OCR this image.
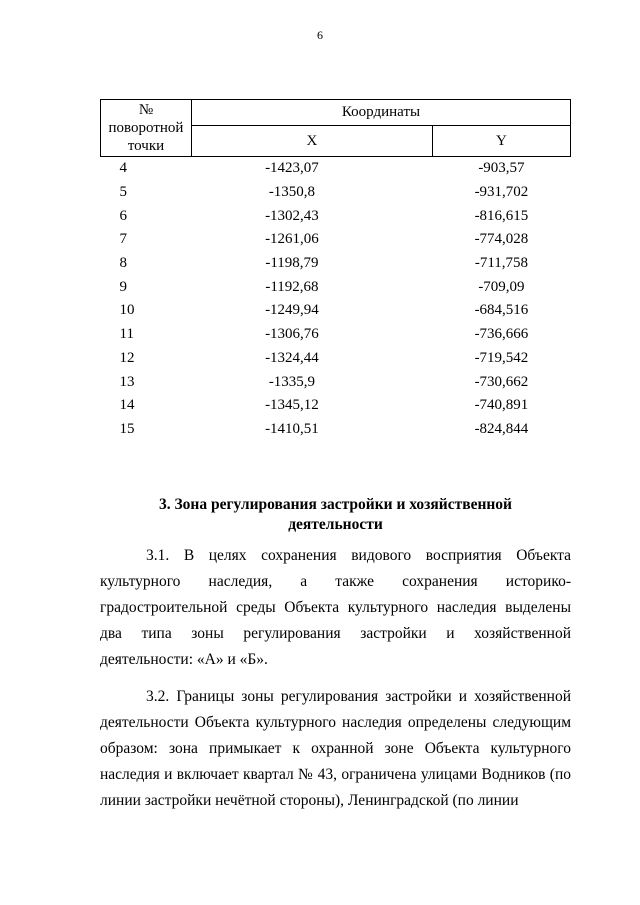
6
№
поворотной
точки	Координаты	
	X	Y
4	-1423,07	-903,57
5	-1350,8	-931,702
6	-1302,43	-816,615
7	-1261,06	-774,028
8	-1198,79	-711,758
9	-1192,68	-709,09
10	-1249,94	-684,516
11	-1306,76	-736,666
12	-1324,44	-719,542
13	-1335,9	-730,662
14	-1345,12	-740,891
15	-1410,51	-824,844
3. Зона регулирования застройки и хозяйственной
деятельности
3.1. В целях сохранения видового восприятия Объекта культурного наследия, а также сохранения историко-градостроительной среды Объекта культурного наследия выделены два типа зоны регулирования застройки и хозяйственной деятельности: «А» и «Б».
3.2. Границы зоны регулирования застройки и хозяйственной деятельности Объекта культурного наследия определены следующим образом: зона примыкает к охранной зоне Объекта культурного наследия и включает квартал № 43, ограничена улицами Водников (по линии застройки нечётной стороны), Ленинградской (по линии
